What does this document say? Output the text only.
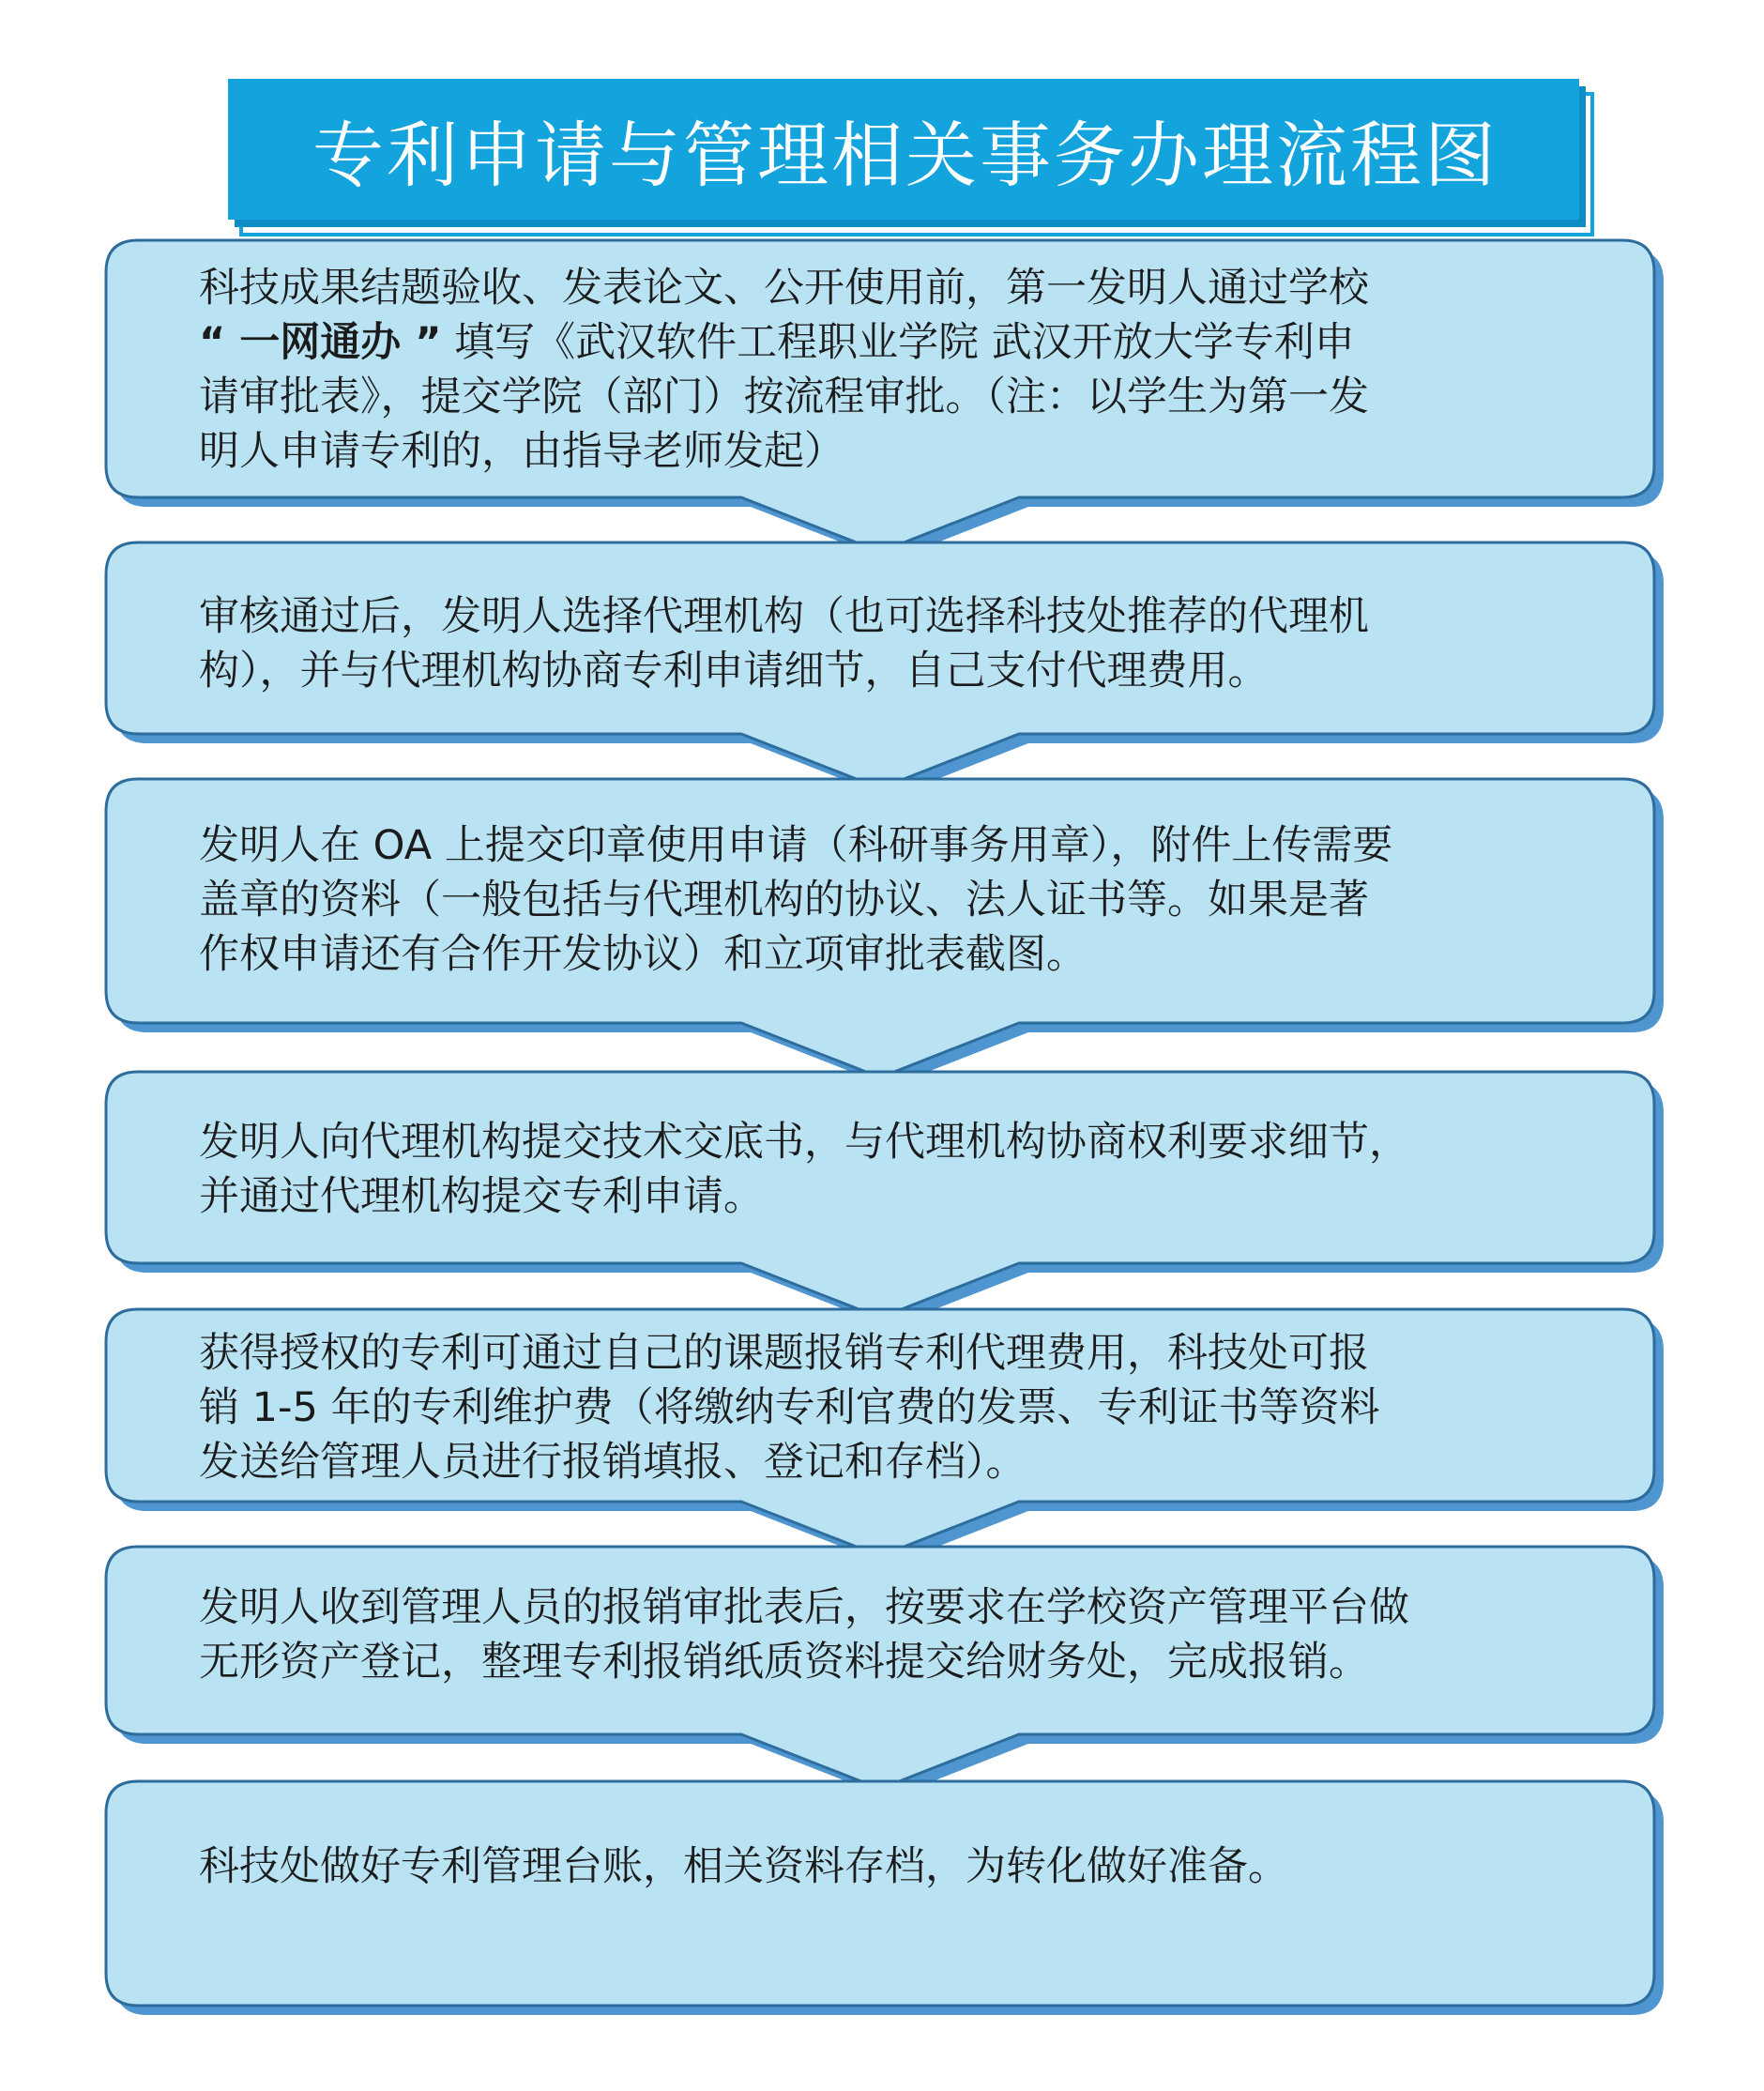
专利申请与管理相关事务办理流程图
科技成果结题验收、发表论文、公开使用前，第一发明人通过学校
“ 一网通办 ” 填写《武汉软件工程职业学院 武汉开放大学专利申
请审批表》，提交学院（部门）按流程审批。（注：以学生为第一发
明人申请专利的，由指导老师发起）
审核通过后，发明人选择代理机构（也可选择科技处推荐的代理机
构），并与代理机构协商专利申请细节，自己支付代理费用。
发明人在 OA 上提交印章使用申请（科研事务用章），附件上传需要
盖章的资料（一般包括与代理机构的协议、法人证书等。如果是著
作权申请还有合作开发协议）和立项审批表截图。
发明人向代理机构提交技术交底书，与代理机构协商权利要求细节，
并通过代理机构提交专利申请。
获得授权的专利可通过自己的课题报销专利代理费用，科技处可报
销 1-5 年的专利维护费（将缴纳专利官费的发票、专利证书等资料
发送给管理人员进行报销填报、登记和存档）。
发明人收到管理人员的报销审批表后，按要求在学校资产管理平台做
无形资产登记，整理专利报销纸质资料提交给财务处，完成报销。
科技处做好专利管理台账，相关资料存档，为转化做好准备。
